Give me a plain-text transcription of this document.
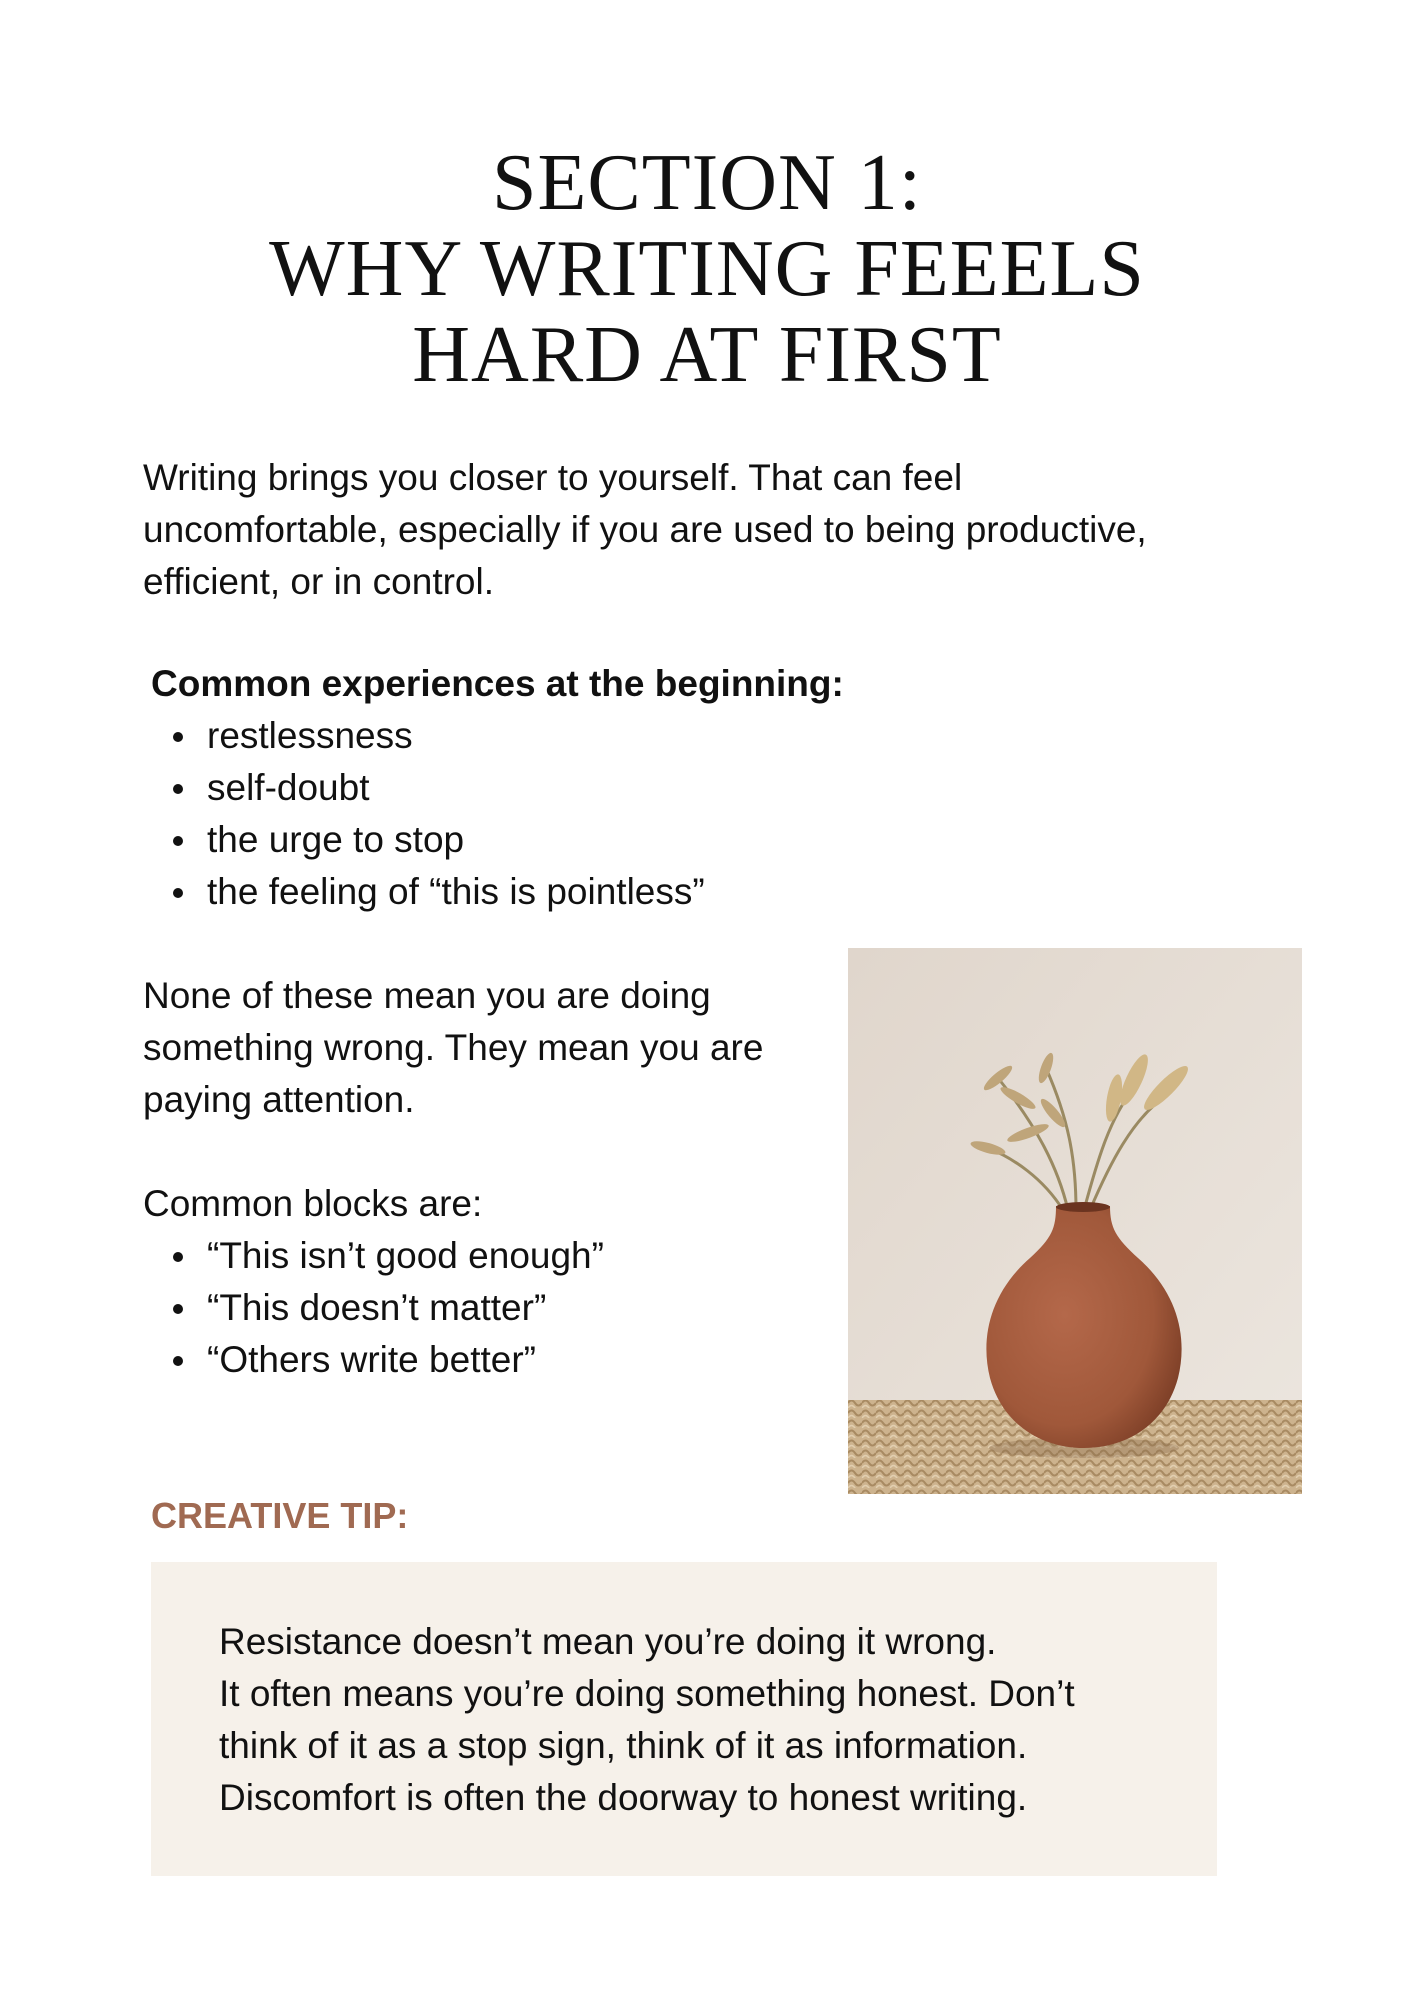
SECTION 1:
WHY WRITING FEEELS
HARD AT FIRST

Writing brings you closer to yourself. That can feel
uncomfortable, especially if you are used to being productive,
efficient, or in control.

Common experiences at the beginning:

restlessness
self-doubt
the urge to stop
the feeling of “this is pointless”

None of these mean you are doing
something wrong. They mean you are
paying attention.

Common blocks are:

“This isn’t good enough”
“This doesn’t matter”
“Others write better”

CREATIVE TIP:

Resistance doesn’t mean you’re doing it wrong.
It often means you’re doing something honest. Don’t
think of it as a stop sign, think of it as information.
Discomfort is often the doorway to honest writing.
